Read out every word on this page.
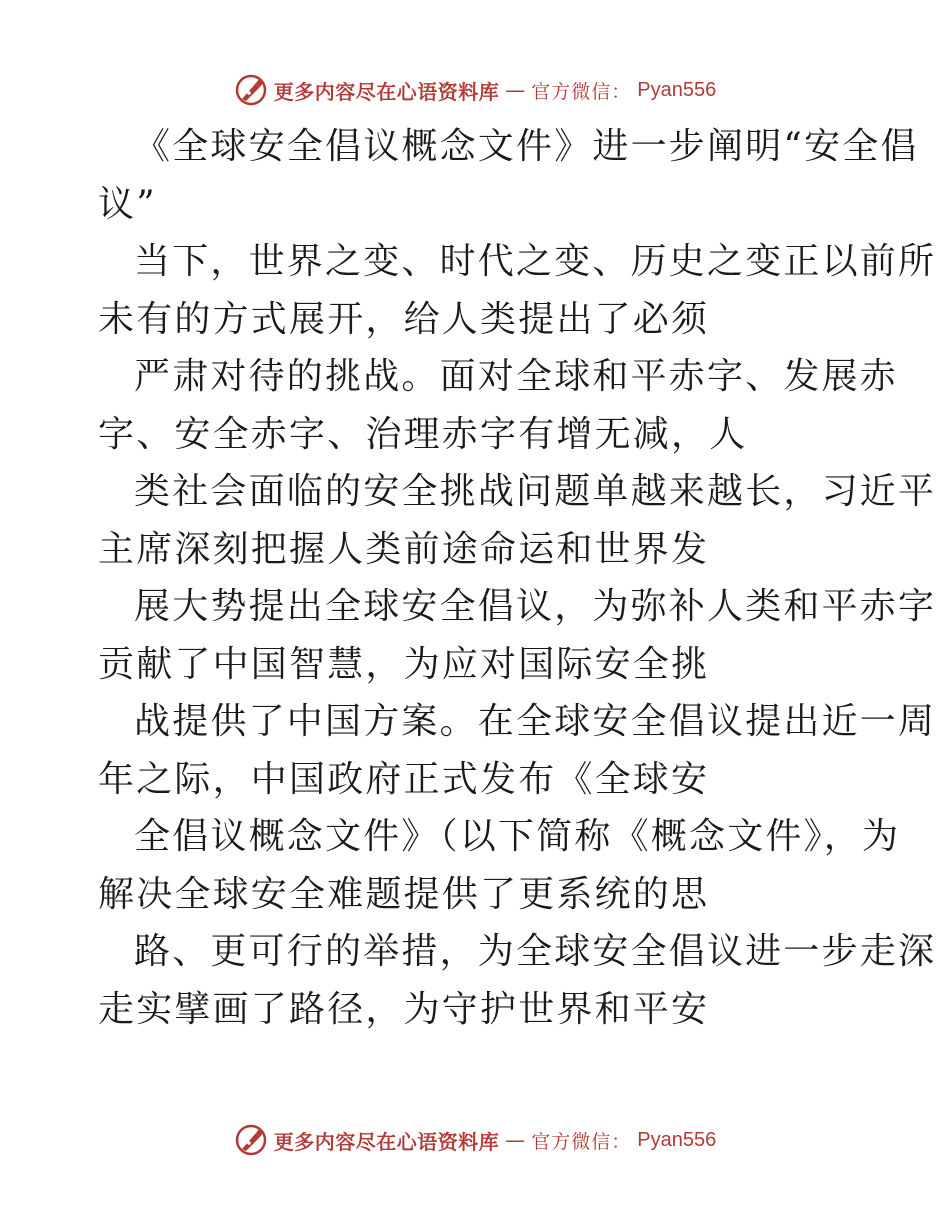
更多内容尽在心语资料库 — 官方微信： Pyan556
《全球安全倡议概念文件》进一步阐明“安全倡
议”
当下，世界之变、时代之变、历史之变正以前所
未有的方式展开，给人类提出了必须
严肃对待的挑战。面对全球和平赤字、发展赤
字、安全赤字、治理赤字有增无减，人
类社会面临的安全挑战问题单越来越长，习近平
主席深刻把握人类前途命运和世界发
展大势提出全球安全倡议，为弥补人类和平赤字
贡献了中国智慧，为应对国际安全挑
战提供了中国方案。在全球安全倡议提出近一周
年之际，中国政府正式发布《全球安
全倡议概念文件》（以下简称《概念文件》，为
解决全球安全难题提供了更系统的思
路、更可行的举措，为全球安全倡议进一步走深
走实擘画了路径，为守护世界和平安
更多内容尽在心语资料库 — 官方微信： Pyan556
